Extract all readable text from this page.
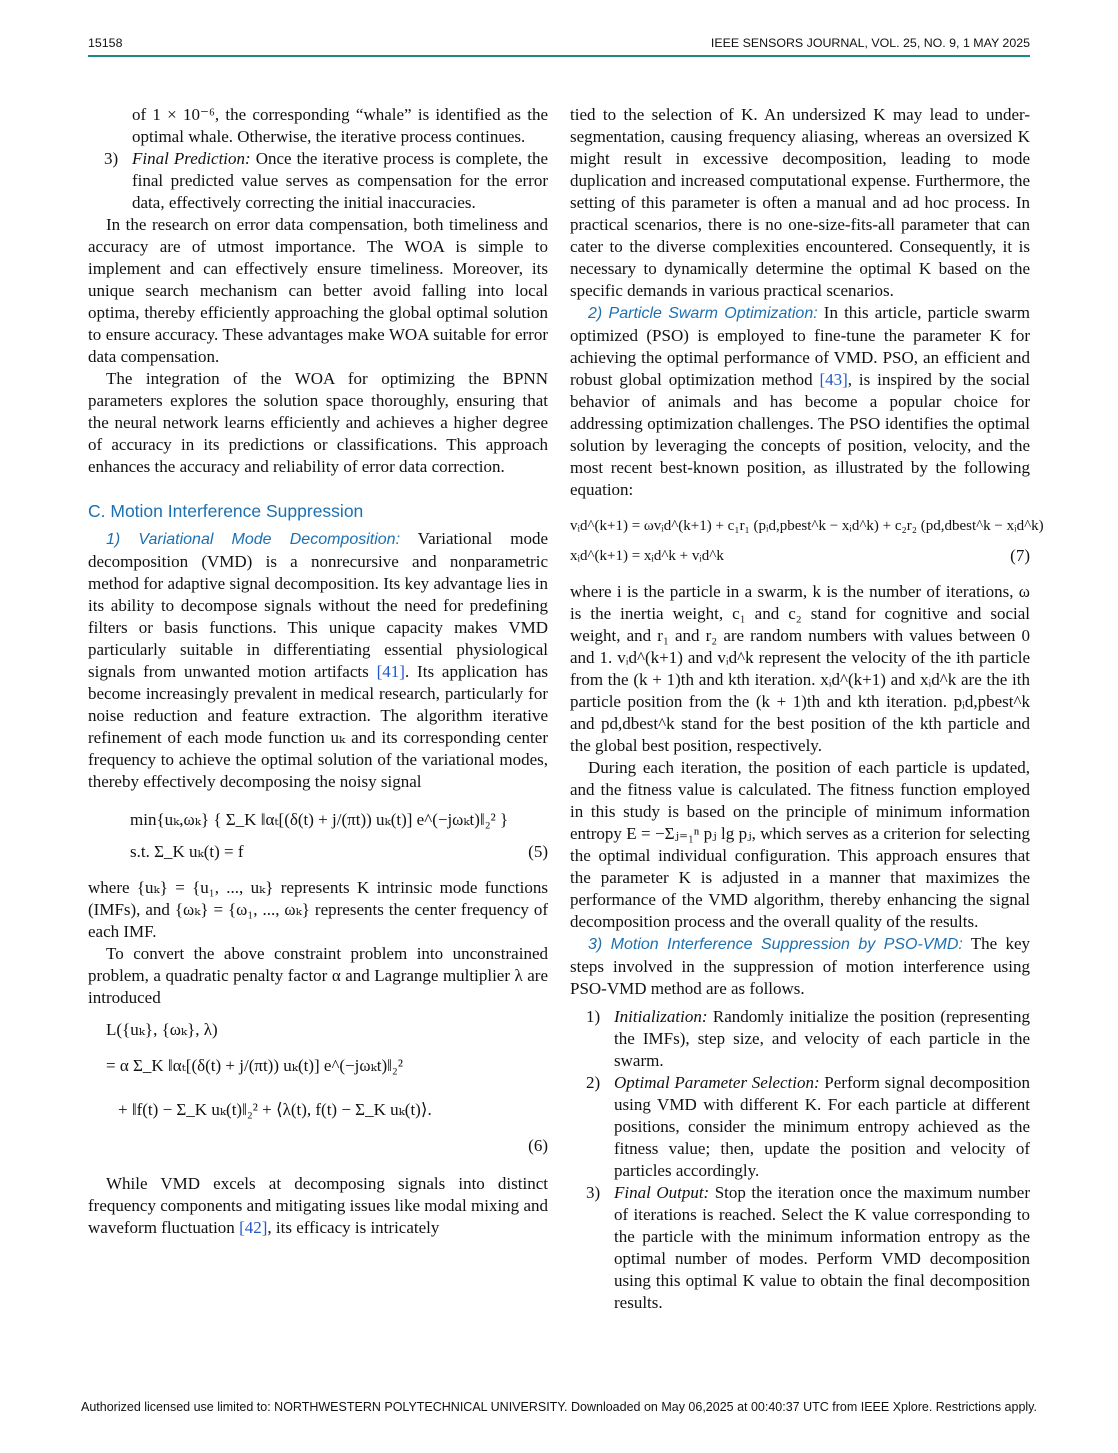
15158	IEEE SENSORS JOURNAL, VOL. 25, NO. 9, 1 MAY 2025
of 1 × 10⁻⁶, the corresponding “whale” is identified as the optimal whale. Otherwise, the iterative process continues.
3) Final Prediction: Once the iterative process is complete, the final predicted value serves as compensation for the error data, effectively correcting the initial inaccuracies.

In the research on error data compensation, both timeliness and accuracy are of utmost importance. The WOA is simple to implement and can effectively ensure timeliness. Moreover, its unique search mechanism can better avoid falling into local optima, thereby efficiently approaching the global optimal solution to ensure accuracy. These advantages make WOA suitable for error data compensation.

The integration of the WOA for optimizing the BPNN parameters explores the solution space thoroughly, ensuring that the neural network learns efficiently and achieves a higher degree of accuracy in its predictions or classifications. This approach enhances the accuracy and reliability of error data correction.

C. Motion Interference Suppression

1) Variational Mode Decomposition: Variational mode decomposition (VMD) is a nonrecursive and nonparametric method for adaptive signal decomposition. Its key advantage lies in its ability to decompose signals without the need for predefining filters or basis functions. This unique capacity makes VMD particularly suitable in differentiating essential physiological signals from unwanted motion artifacts [41]. Its application has become increasingly prevalent in medical research, particularly for noise reduction and feature extraction. The algorithm iterative refinement of each mode function uₖ and its corresponding center frequency to achieve the optimal solution of the variational modes, thereby effectively decomposing the noisy signal

min{uₖ,ωₖ} { Σ_K ‖αₜ[(δ(t) + j/(πt)) uₖ(t)] e^(−jωₖt)‖₂² }
s.t. Σ_K uₖ(t) = f	(5)

where {uₖ} = {u₁, ..., uₖ} represents K intrinsic mode functions (IMFs), and {ωₖ} = {ω₁, ..., ωₖ} represents the center frequency of each IMF.

To convert the above constraint problem into unconstrained problem, a quadratic penalty factor α and Lagrange multiplier λ are introduced

L({uₖ}, {ωₖ}, λ)
= α Σ_K ‖αₜ[(δ(t) + j/(πt)) uₖ(t)] e^(−jωₖt)‖₂²
+ ‖f(t) − Σ_K uₖ(t)‖₂² + ⟨λ(t), f(t) − Σ_K uₖ(t)⟩.
(6)

While VMD excels at decomposing signals into distinct frequency components and mitigating issues like modal mixing and waveform fluctuation [42], its efficacy is intricately

tied to the selection of K. An undersized K may lead to under-segmentation, causing frequency aliasing, whereas an oversized K might result in excessive decomposition, leading to mode duplication and increased computational expense. Furthermore, the setting of this parameter is often a manual and ad hoc process. In practical scenarios, there is no one-size-fits-all parameter that can cater to the diverse complexities encountered. Consequently, it is necessary to dynamically determine the optimal K based on the specific demands in various practical scenarios.

2) Particle Swarm Optimization: In this article, particle swarm optimized (PSO) is employed to fine-tune the parameter K for achieving the optimal performance of VMD. PSO, an efficient and robust global optimization method [43], is inspired by the social behavior of animals and has become a popular choice for addressing optimization challenges. The PSO identifies the optimal solution by leveraging the concepts of position, velocity, and the most recent best-known position, as illustrated by the following equation:

vᵢd^(k+1) = ωvᵢd^(k+1) + c₁r₁ (pᵢd,pbest^k − xᵢd^k) + c₂r₂ (pd,dbest^k − xᵢd^k)
xᵢd^(k+1) = xᵢd^k + vᵢd^k	(7)

where i is the particle in a swarm, k is the number of iterations, ω is the inertia weight, c₁ and c₂ stand for cognitive and social weight, and r₁ and r₂ are random numbers with values between 0 and 1. vᵢd^(k+1) and vᵢd^k represent the velocity of the ith particle from the (k + 1)th and kth iteration. xᵢd^(k+1) and xᵢd^k are the ith particle position from the (k + 1)th and kth iteration. pᵢd,pbest^k and pd,dbest^k stand for the best position of the kth particle and the global best position, respectively.

During each iteration, the position of each particle is updated, and the fitness value is calculated. The fitness function employed in this study is based on the principle of minimum information entropy E = −Σⱼ₌₁ⁿ pⱼ lg pⱼ, which serves as a criterion for selecting the optimal individual configuration. This approach ensures that the parameter K is adjusted in a manner that maximizes the performance of the VMD algorithm, thereby enhancing the signal decomposition process and the overall quality of the results.

3) Motion Interference Suppression by PSO-VMD: The key steps involved in the suppression of motion interference using PSO-VMD method are as follows.

1) Initialization: Randomly initialize the position (representing the IMFs), step size, and velocity of each particle in the swarm.
2) Optimal Parameter Selection: Perform signal decomposition using VMD with different K. For each particle at different positions, consider the minimum entropy achieved as the fitness value; then, update the position and velocity of particles accordingly.
3) Final Output: Stop the iteration once the maximum number of iterations is reached. Select the K value corresponding to the particle with the minimum information entropy as the optimal number of modes. Perform VMD decomposition using this optimal K value to obtain the final decomposition results.
Authorized licensed use limited to: NORTHWESTERN POLYTECHNICAL UNIVERSITY. Downloaded on May 06,2025 at 00:40:37 UTC from IEEE Xplore. Restrictions apply.
